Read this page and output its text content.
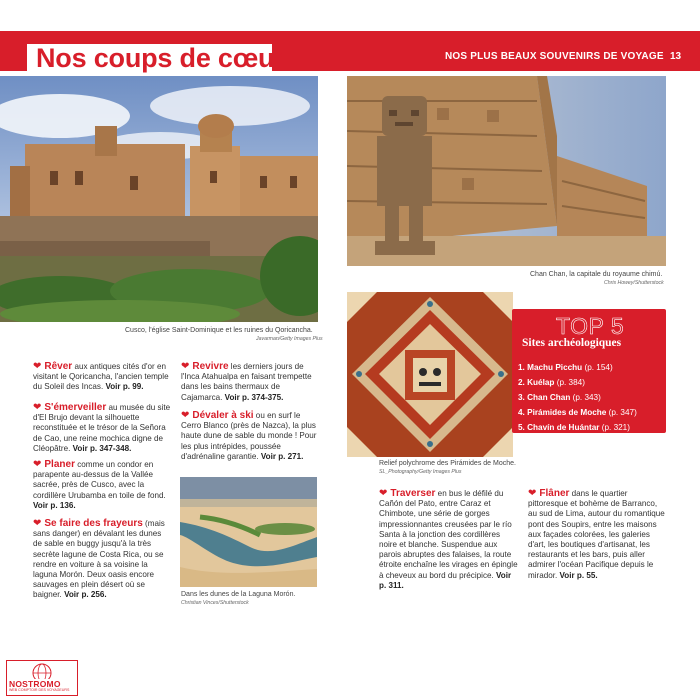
Nos coups de cœur	NOS PLUS BEAUX SOUVENIRS DE VOYAGE 13
Cusco, l'église Saint-Dominique et les ruines du Qoricancha.
Javarman/Getty Images Plus
Chan Chan, la capitale du royaume chimú.
Chris Howey/Shutterstock
Relief polychrome des Pirámides de Moche.
SL_Photography/Getty Images Plus
TOP 5
Sites archéologiques
1. Machu Picchu (p. 154)
2. Kuélap (p. 384)
3. Chan Chan (p. 343)
4. Pirámides de Moche (p. 347)
5. Chavín de Huántar (p. 321)
Dans les dunes de la Laguna Morón.
Christian Vinces/Shutterstock
❤ Rêver aux antiques cités d'or en visitant le Qoricancha, l'ancien temple du Soleil des Incas. Voir p. 99.
❤ S'émerveiller au musée du site d'El Brujo devant la silhouette reconstituée et le trésor de la Señora de Cao, une reine mochica digne de Cléopâtre. Voir p. 347-348.
❤ Planer comme un condor en parapente au-dessus de la Vallée sacrée, près de Cusco, avec la cordillère Urubamba en toile de fond. Voir p. 136.
❤ Se faire des frayeurs (mais sans danger) en dévalant les dunes de sable en buggy jusqu'à la très secrète lagune de Costa Rica, ou se rendre en voiture à sa voisine la laguna Morón. Deux oasis encore sauvages en plein désert où se baigner. Voir p. 256.
❤ Revivre les derniers jours de l'Inca Atahualpa en faisant trempette dans les bains thermaux de Cajamarca. Voir p. 374-375.
❤ Dévaler à ski ou en surf le Cerro Blanco (près de Nazca), la plus haute dune de sable du monde ! Pour les plus intrépides, poussée d'adrénaline garantie. Voir p. 271.
❤ Traverser en bus le défilé du Cañón del Pato, entre Caraz et Chimbote, une série de gorges impressionnantes creusées par le río Santa à la jonction des cordillères noire et blanche. Suspendue aux parois abruptes des falaises, la route étroite enchaîne les virages en épingle à cheveux au bord du précipice. Voir p. 311.
❤ Flâner dans le quartier pittoresque et bohème de Barranco, au sud de Lima, autour du romantique pont des Soupirs, entre les maisons aux façades colorées, les galeries d'art, les boutiques d'artisanat, les restaurants et les bars, puis aller admirer l'océan Pacifique depuis le mirador. Voir p. 55.
NOSTROMO
WEB COMPTOIR DES VOYAGEURS
